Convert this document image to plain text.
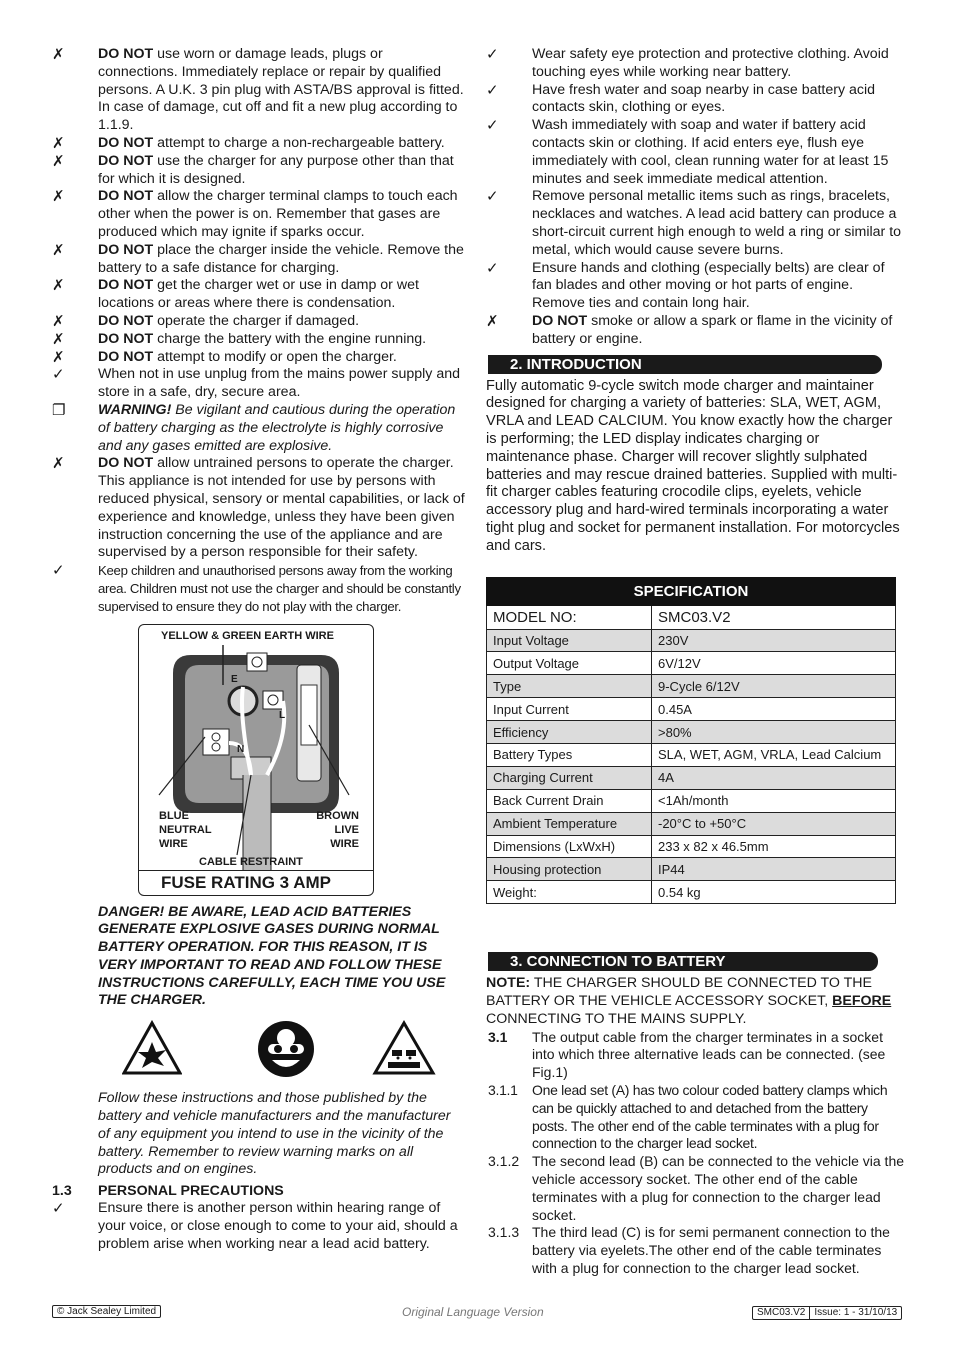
✗	DO NOT use worn or damage leads, plugs or connections. Immediately replace or repair by qualified persons. A U.K. 3 pin plug with ASTA/BS approval is fitted. In case of damage, cut off and fit a new plug according to 1.1.9.
✗	DO NOT attempt to charge a non-rechargeable battery.
✗	DO NOT use the charger for any purpose other than that for which it is designed.
✗	DO NOT allow the charger terminal clamps to touch each other when the power is on. Remember that gases are produced which may ignite if sparks occur.
✗	DO NOT place the charger inside the vehicle. Remove the battery to a safe distance for charging.
✗	DO NOT get the charger wet or use in damp or wet locations or areas where there is condensation.
✗	DO NOT operate the charger if damaged.
✗	DO NOT charge the battery with the engine running.
✗	DO NOT attempt to modify or open the charger.
✓	When not in use unplug from the mains power supply and store in a safe, dry, secure area.
❐	WARNING! Be vigilant and cautious during the operation of battery charging as the electrolyte is highly corrosive and any gases emitted are explosive.
✗	DO NOT allow untrained persons to operate the charger. This appliance is not intended for use by persons with reduced physical, sensory or mental capabilities, or lack of experience and knowledge, unless they have been given instruction concerning the use of the appliance and are supervised by a person responsible for their safety.
✓	Keep children and unauthorised persons away from the working area. Children must not use the charger and should be constantly supervised to ensure they do not play with the charger.
YELLOW & GREEN EARTH WIRE
E
L
N
BLUE NEUTRAL WIRE
BROWN LIVE WIRE
CABLE RESTRAINT
FUSE RATING 3 AMP
DANGER! BE AWARE, LEAD ACID BATTERIES GENERATE EXPLOSIVE GASES DURING NORMAL BATTERY OPERATION. FOR THIS REASON, IT IS VERY IMPORTANT TO READ AND FOLLOW THESE INSTRUCTIONS CAREFULLY, EACH TIME YOU USE THE CHARGER.
Follow these instructions and those published by the battery and vehicle manufacturers and the manufacturer of any equipment you intend to use in the vicinity of the battery. Remember to review warning marks on all products and on engines.
1.3 PERSONAL PRECAUTIONS
✓	Ensure there is another person within hearing range of your voice, or close enough to come to your aid, should a problem arise when working near a lead acid battery.
✓	Wear safety eye protection and protective clothing. Avoid touching eyes while working near battery.
✓	Have fresh water and soap nearby in case battery acid contacts skin, clothing or eyes.
✓	Wash immediately with soap and water if battery acid contacts skin or clothing. If acid enters eye, flush eye immediately with cool, clean running water for at least 15 minutes and seek immediate medical attention.
✓	Remove personal metallic items such as rings, bracelets, necklaces and watches. A lead acid battery can produce a short-circuit current high enough to weld a ring or similar to metal, which would cause severe burns.
✓	Ensure hands and clothing (especially belts) are clear of fan blades and other moving or hot parts of engine. Remove ties and contain long hair.
✗	DO NOT smoke or allow a spark or flame in the vicinity of battery or engine.
2. INTRODUCTION
Fully automatic 9-cycle switch mode charger and maintainer designed for charging a variety of batteries: SLA, WET, AGM, VRLA and LEAD CALCIUM. You know exactly how the charger is performing; the LED display indicates charging or maintenance phase. Charger will recover slightly sulphated batteries and may rescue drained batteries. Supplied with multi-fit charger cables featuring crocodile clips, eyelets, vehicle accessory plug and hard-wired terminals incorporating a water tight plug and socket for permanent installation. For motorcycles and cars.
SPECIFICATION	
MODEL NO:	SMC03.V2
Input Voltage	230V
Output Voltage	6V/12V
Type	9-Cycle 6/12V
Input Current	0.45A
Efficiency	>80%
Battery Types	SLA, WET, AGM, VRLA, Lead Calcium
Charging Current	4A
Back Current Drain	<1Ah/month
Ambient Temperature	-20°C to +50°C
Dimensions (LxWxH)	233 x 82 x 46.5mm
Housing protection	IP44
Weight:	0.54 kg
3. CONNECTION TO BATTERY
NOTE: THE CHARGER SHOULD BE CONNECTED TO THE BATTERY OR THE VEHICLE ACCESSORY SOCKET, BEFORE CONNECTING TO THE MAINS SUPPLY.
3.1 The output cable from the charger terminates in a socket into which three alternative leads can be connected. (see Fig.1)
3.1.1 One lead set (A) has two colour coded battery clamps which can be quickly attached to and detached from the battery posts. The other end of the cable terminates with a plug for connection to the charger lead socket.
3.1.2 The second lead (B) can be connected to the vehicle via the vehicle accessory socket. The other end of the cable terminates with a plug for connection to the charger lead socket.
3.1.3 The third lead (C) is for semi permanent connection to the battery via eyelets.The other end of the cable terminates with a plug for connection to the charger lead socket.
© Jack Sealey Limited	Original Language Version	SMC03.V2 Issue: 1 - 31/10/13
